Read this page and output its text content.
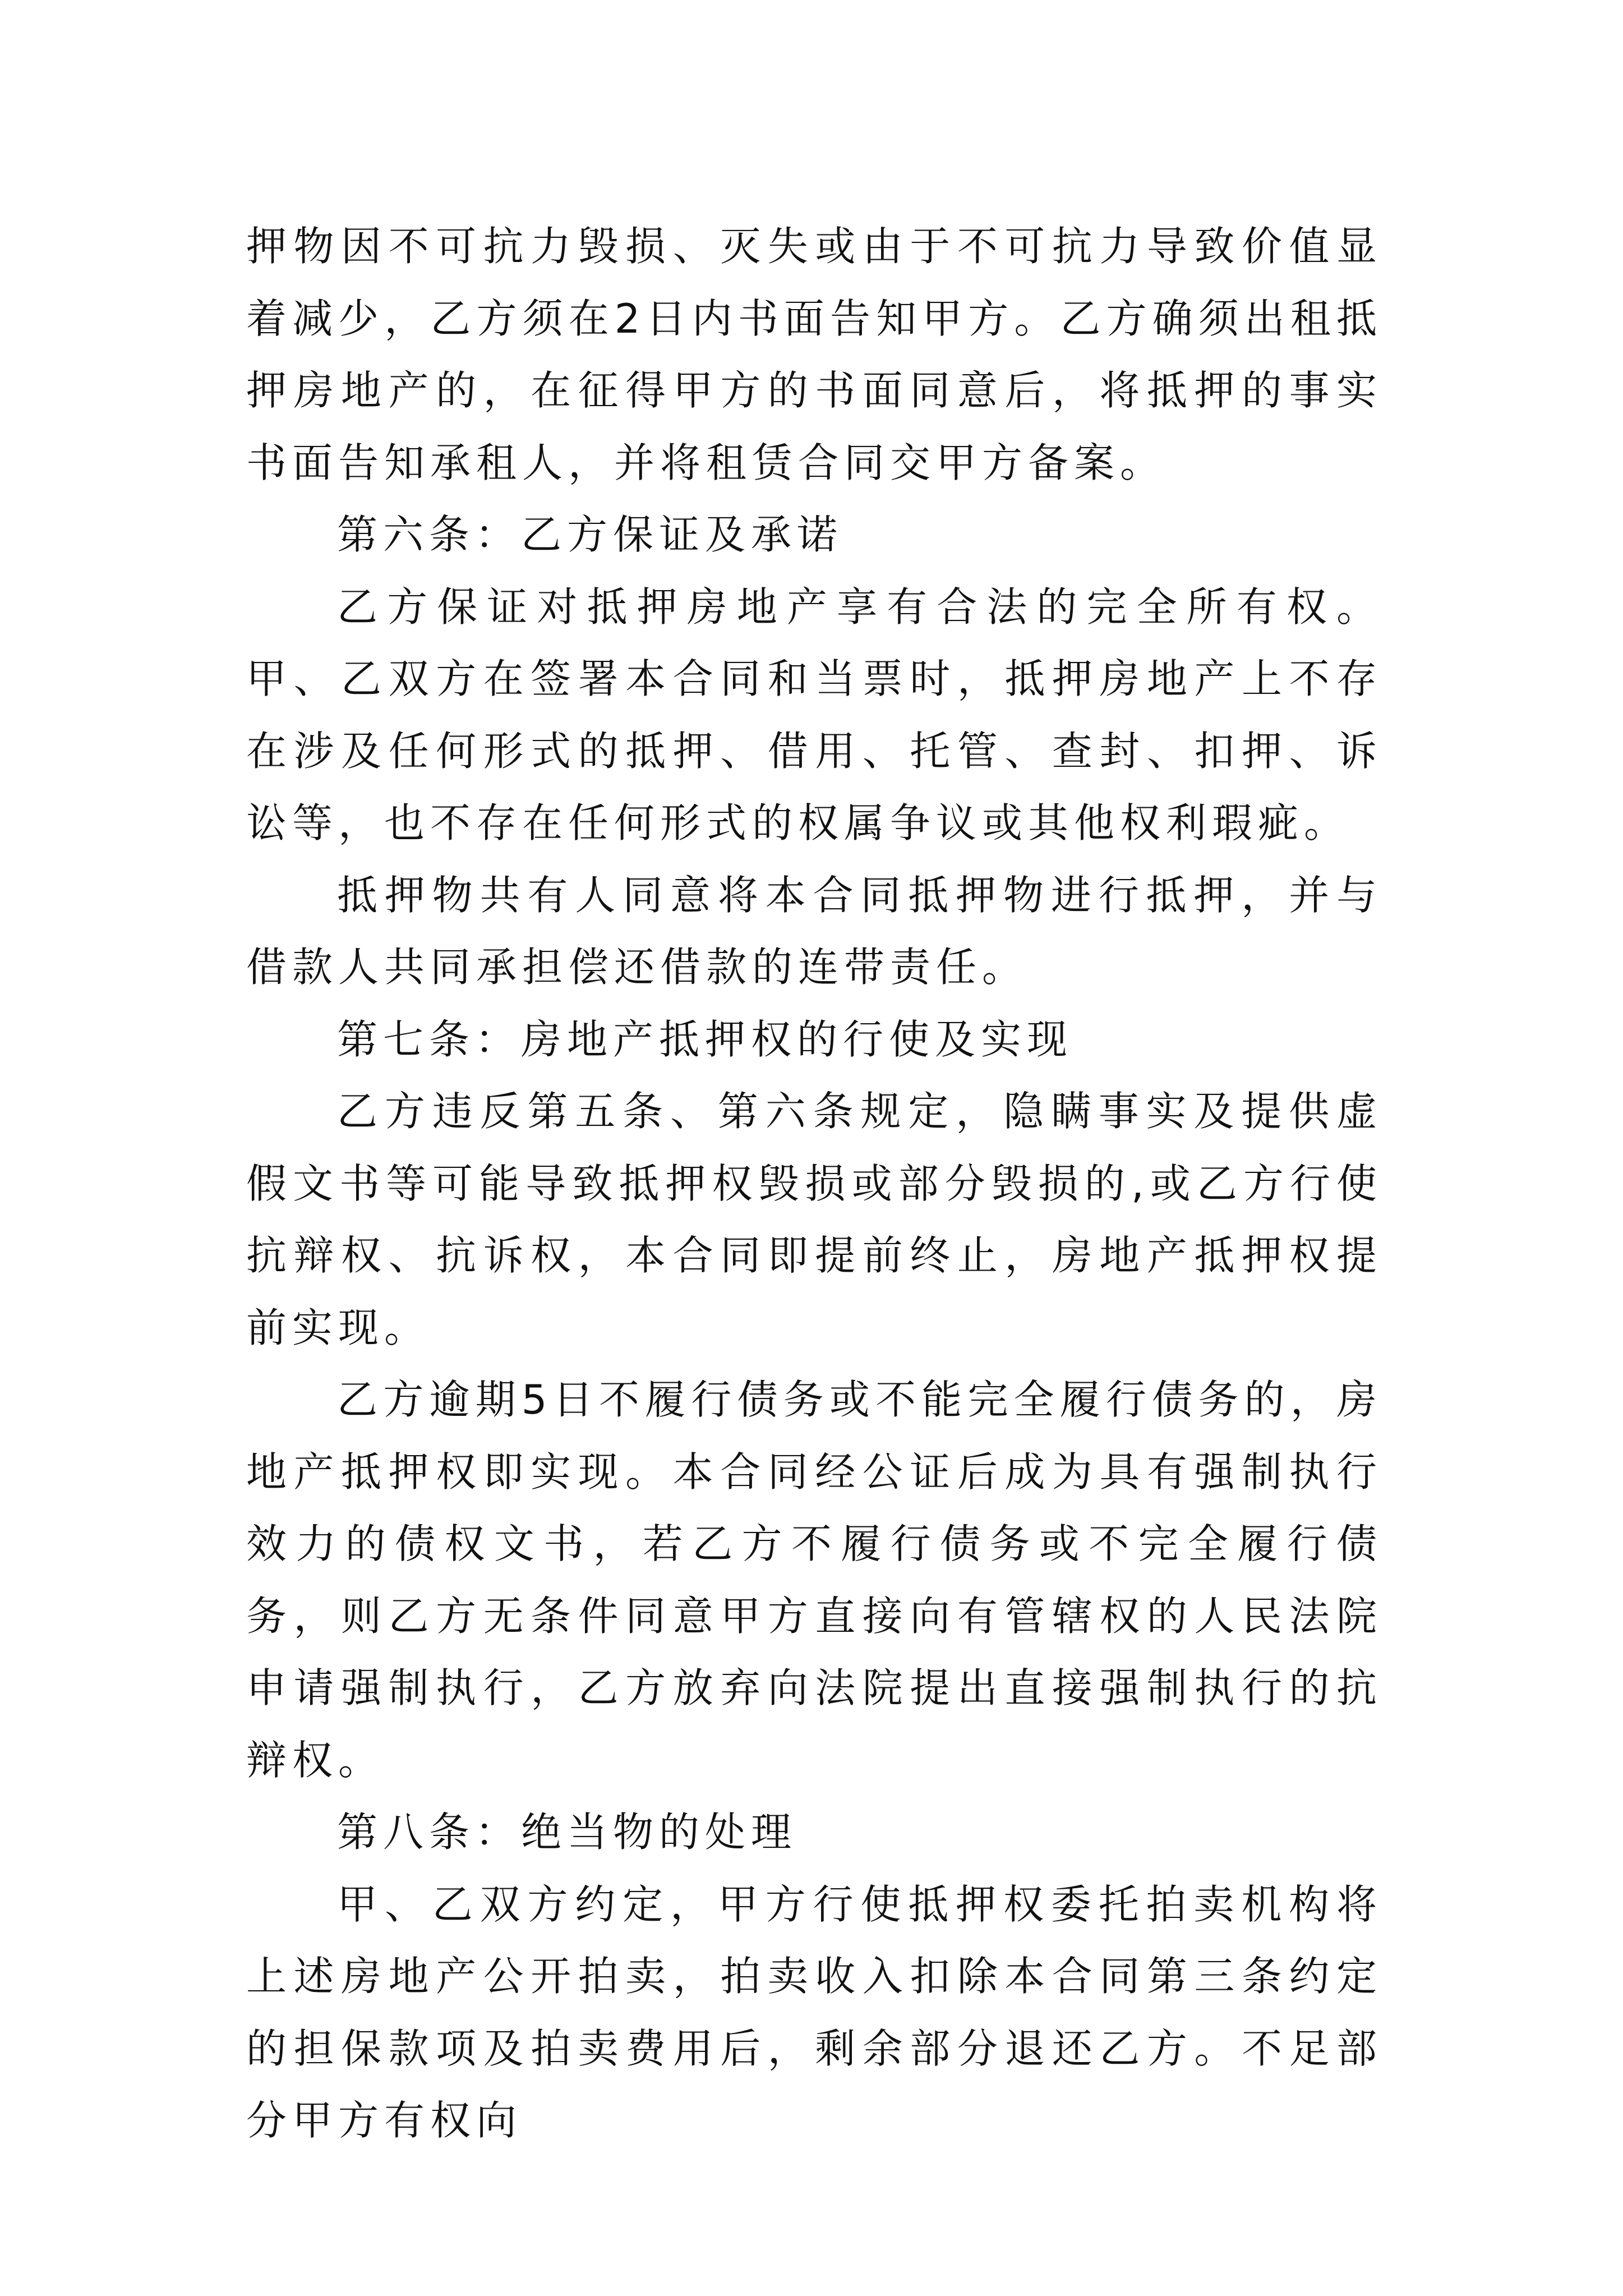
押物因不可抗力毁损、灭失或由于不可抗力导致价值显着减少，乙方须在2日内书面告知甲方。乙方确须出租抵押房地产的，在征得甲方的书面同意后，将抵押的事实书面告知承租人，并将租赁合同交甲方备案。

第六条：乙方保证及承诺

乙方保证对抵押房地产享有合法的完全所有权。甲、乙双方在签署本合同和当票时，抵押房地产上不存在涉及任何形式的抵押、借用、托管、查封、扣押、诉讼等，也不存在任何形式的权属争议或其他权利瑕疵。

抵押物共有人同意将本合同抵押物进行抵押，并与借款人共同承担偿还借款的连带责任。

第七条：房地产抵押权的行使及实现

乙方违反第五条、第六条规定，隐瞒事实及提供虚假文书等可能导致抵押权毁损或部分毁损的,或乙方行使抗辩权、抗诉权，本合同即提前终止，房地产抵押权提前实现。

乙方逾期5日不履行债务或不能完全履行债务的，房地产抵押权即实现。本合同经公证后成为具有强制执行效力的债权文书，若乙方不履行债务或不完全履行债务，则乙方无条件同意甲方直接向有管辖权的人民法院申请强制执行，乙方放弃向法院提出直接强制执行的抗辩权。

第八条：绝当物的处理

甲、乙双方约定，甲方行使抵押权委托拍卖机构将上述房地产公开拍卖，拍卖收入扣除本合同第三条约定的担保款项及拍卖费用后，剩余部分退还乙方。不足部分甲方有权向
